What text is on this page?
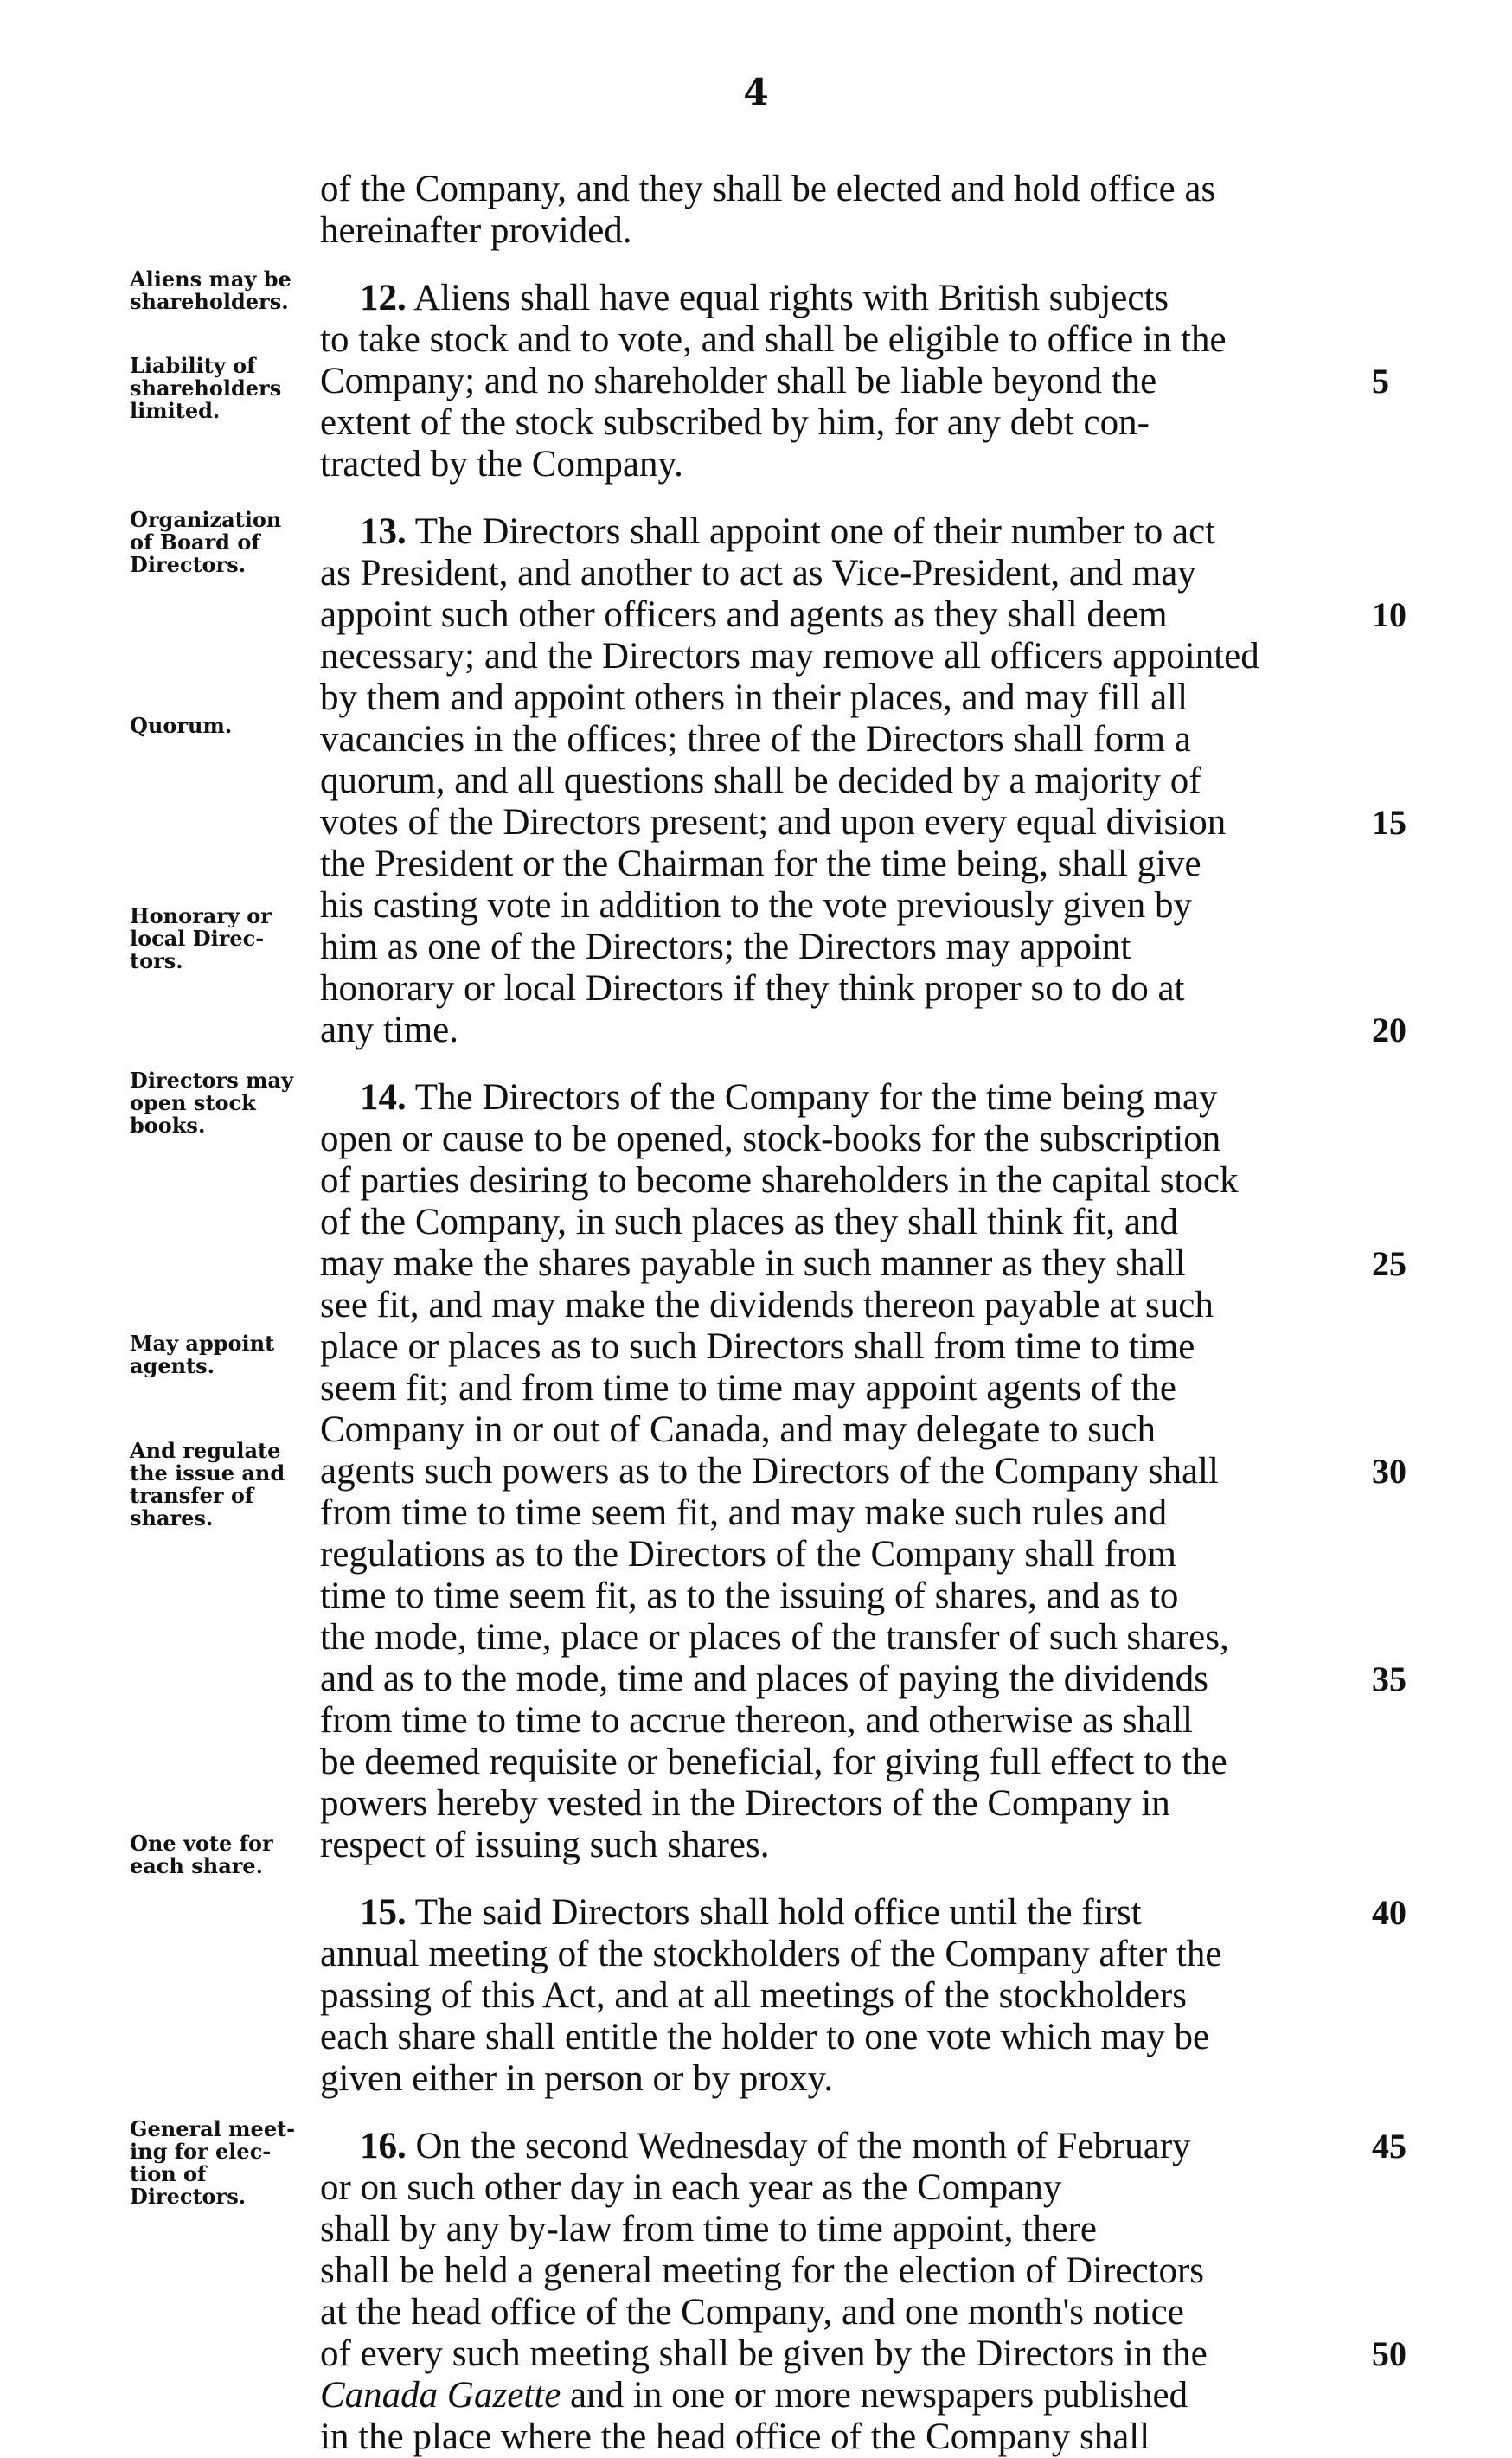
4
Aliens may be
shareholders.
Liability of
shareholders
limited.
Organization
of Board of
Directors.
Quorum.
Honorary or
local Direc-
tors.
Directors may
open stock
books.
May appoint
agents.
And regulate
the issue and
transfer of
shares.
One vote for
each share.
General meet-
ing for elec-
tion of
Directors.
of the Company, and they shall be elected and hold office as
hereinafter provided.
12. Aliens shall have equal rights with British subjects
to take stock and to vote, and shall be eligible to office in the
Company; and no shareholder shall be liable beyond the
extent of the stock subscribed by him, for any debt con-
tracted by the Company.
13. The Directors shall appoint one of their number to act
as President, and another to act as Vice-President, and may
appoint such other officers and agents as they shall deem
necessary; and the Directors may remove all officers appointed
by them and appoint others in their places, and may fill all
vacancies in the offices; three of the Directors shall form a
quorum, and all questions shall be decided by a majority of
votes of the Directors present; and upon every equal division
the President or the Chairman for the time being, shall give
his casting vote in addition to the vote previously given by
him as one of the Directors; the Directors may appoint
honorary or local Directors if they think proper so to do at
any time.
14. The Directors of the Company for the time being may
open or cause to be opened, stock-books for the subscription
of parties desiring to become shareholders in the capital stock
of the Company, in such places as they shall think fit, and
may make the shares payable in such manner as they shall
see fit, and may make the dividends thereon payable at such
place or places as to such Directors shall from time to time
seem fit; and from time to time may appoint agents of the
Company in or out of Canada, and may delegate to such
agents such powers as to the Directors of the Company shall
from time to time seem fit, and may make such rules and
regulations as to the Directors of the Company shall from
time to time seem fit, as to the issuing of shares, and as to
the mode, time, place or places of the transfer of such shares,
and as to the mode, time and places of paying the dividends
from time to time to accrue thereon, and otherwise as shall
be deemed requisite or beneficial, for giving full effect to the
powers hereby vested in the Directors of the Company in
respect of issuing such shares.
15. The said Directors shall hold office until the first
annual meeting of the stockholders of the Company after the
passing of this Act, and at all meetings of the stockholders
each share shall entitle the holder to one vote which may be
given either in person or by proxy.
16. On the second Wednesday of the month of February
or on such other day in each year as the Company
shall by any by-law from time to time appoint, there
shall be held a general meeting for the election of Directors
at the head office of the Company, and one month's notice
of every such meeting shall be given by the Directors in the
Canada Gazette and in one or more newspapers published
in the place where the head office of the Company shall
5
10
15
20
25
30
35
40
45
50
